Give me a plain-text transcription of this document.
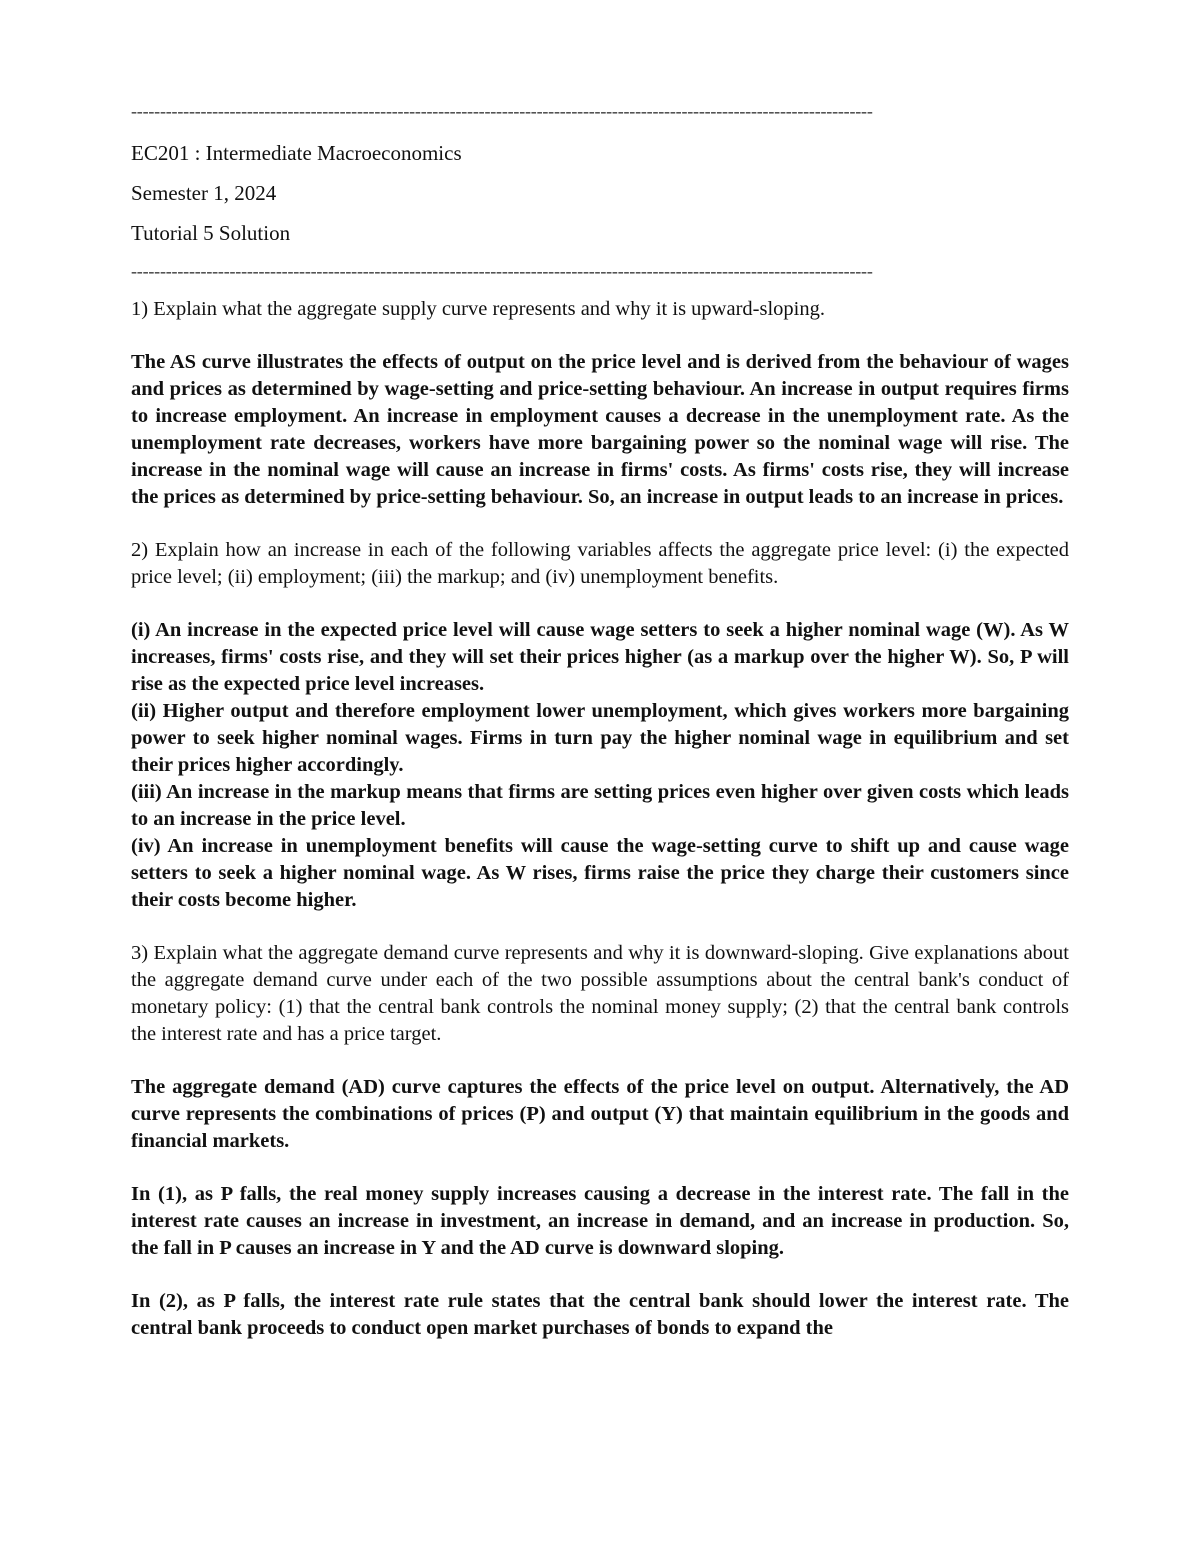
--------------------------------------------------------------------------------------------------------------------------------

EC201 : Intermediate Macroeconomics

Semester 1, 2024

Tutorial 5 Solution

--------------------------------------------------------------------------------------------------------------------------------

1) Explain what the aggregate supply curve represents and why it is upward-sloping.

The AS curve illustrates the effects of output on the price level and is derived from the behaviour of wages and prices as determined by wage-setting and price-setting behaviour. An increase in output requires firms to increase employment. An increase in employment causes a decrease in the unemployment rate. As the unemployment rate decreases, workers have more bargaining power so the nominal wage will rise. The increase in the nominal wage will cause an increase in firms' costs. As firms' costs rise, they will increase the prices as determined by price-setting behaviour. So, an increase in output leads to an increase in prices.

2) Explain how an increase in each of the following variables affects the aggregate price level: (i) the expected price level; (ii) employment; (iii) the markup; and (iv) unemployment benefits.

(i) An increase in the expected price level will cause wage setters to seek a higher nominal wage (W). As W increases, firms' costs rise, and they will set their prices higher (as a markup over the higher W). So, P will rise as the expected price level increases.

(ii) Higher output and therefore employment lower unemployment, which gives workers more bargaining power to seek higher nominal wages. Firms in turn pay the higher nominal wage in equilibrium and set their prices higher accordingly.

(iii) An increase in the markup means that firms are setting prices even higher over given costs which leads to an increase in the price level.

(iv) An increase in unemployment benefits will cause the wage-setting curve to shift up and cause wage setters to seek a higher nominal wage. As W rises, firms raise the price they charge their customers since their costs become higher.

3) Explain what the aggregate demand curve represents and why it is downward-sloping. Give explanations about the aggregate demand curve under each of the two possible assumptions about the central bank's conduct of monetary policy: (1) that the central bank controls the nominal money supply; (2) that the central bank controls the interest rate and has a price target.

The aggregate demand (AD) curve captures the effects of the price level on output. Alternatively, the AD curve represents the combinations of prices (P) and output (Y) that maintain equilibrium in the goods and financial markets.

In (1), as P falls, the real money supply increases causing a decrease in the interest rate. The fall in the interest rate causes an increase in investment, an increase in demand, and an increase in production. So, the fall in P causes an increase in Y and the AD curve is downward sloping.

In (2), as P falls, the interest rate rule states that the central bank should lower the interest rate. The central bank proceeds to conduct open market purchases of bonds to expand the
